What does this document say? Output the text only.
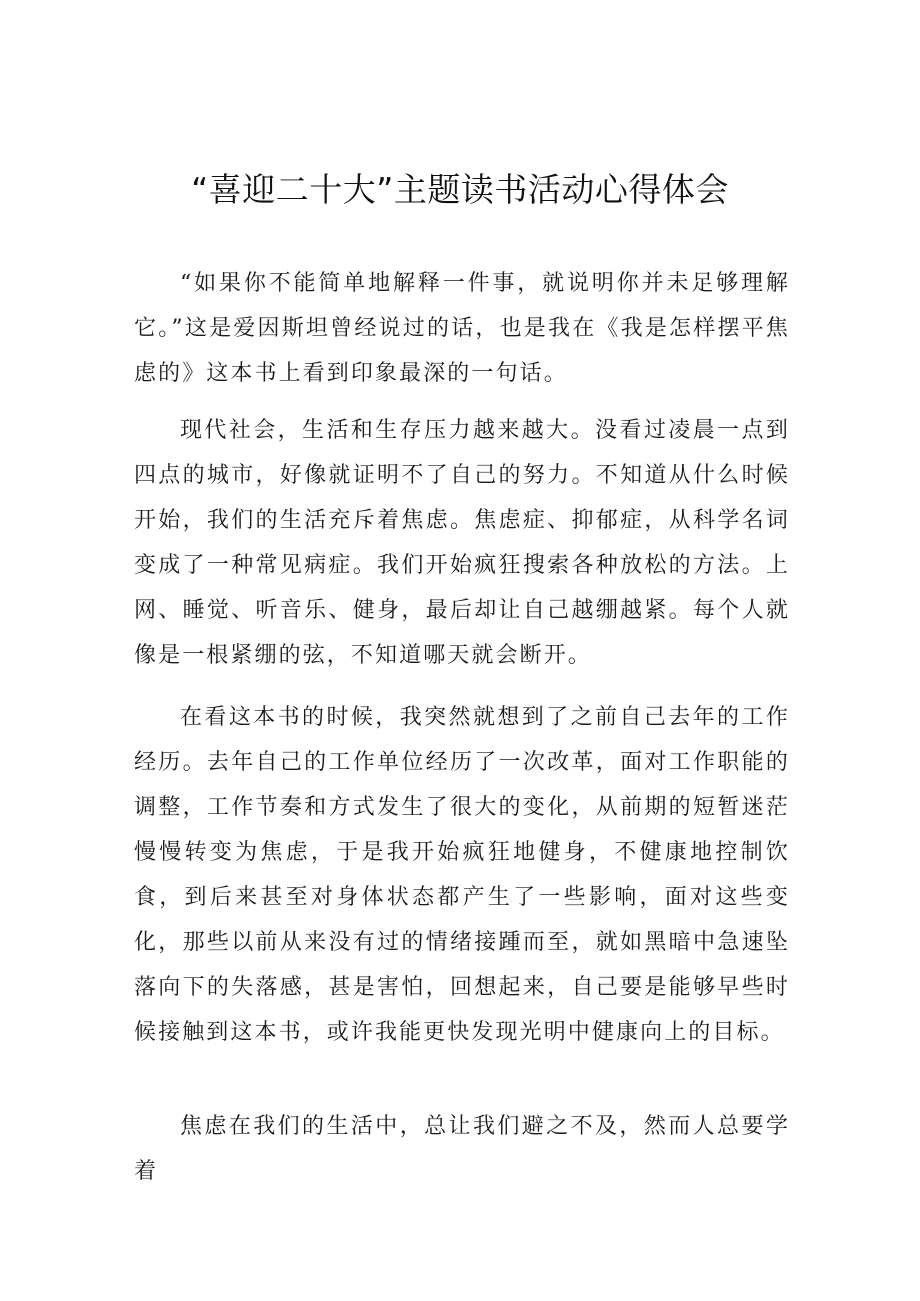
“喜迎二十大”主题读书活动心得体会

“如果你不能简单地解释一件事，就说明你并未足够理解它。”这是爱因斯坦曾经说过的话，也是我在《我是怎样摆平焦虑的》这本书上看到印象最深的一句话。

现代社会，生活和生存压力越来越大。没看过凌晨一点到四点的城市，好像就证明不了自己的努力。不知道从什么时候开始，我们的生活充斥着焦虑。焦虑症、抑郁症，从科学名词变成了一种常见病症。我们开始疯狂搜索各种放松的方法。上网、睡觉、听音乐、健身，最后却让自己越绷越紧。每个人就像是一根紧绷的弦，不知道哪天就会断开。

在看这本书的时候，我突然就想到了之前自己去年的工作经历。去年自己的工作单位经历了一次改革，面对工作职能的调整，工作节奏和方式发生了很大的变化，从前期的短暂迷茫慢慢转变为焦虑，于是我开始疯狂地健身，不健康地控制饮食，到后来甚至对身体状态都产生了一些影响，面对这些变化，那些以前从来没有过的情绪接踵而至，就如黑暗中急速坠落向下的失落感，甚是害怕，回想起来，自己要是能够早些时候接触到这本书，或许我能更快发现光明中健康向上的目标。

焦虑在我们的生活中，总让我们避之不及，然而人总要学着
